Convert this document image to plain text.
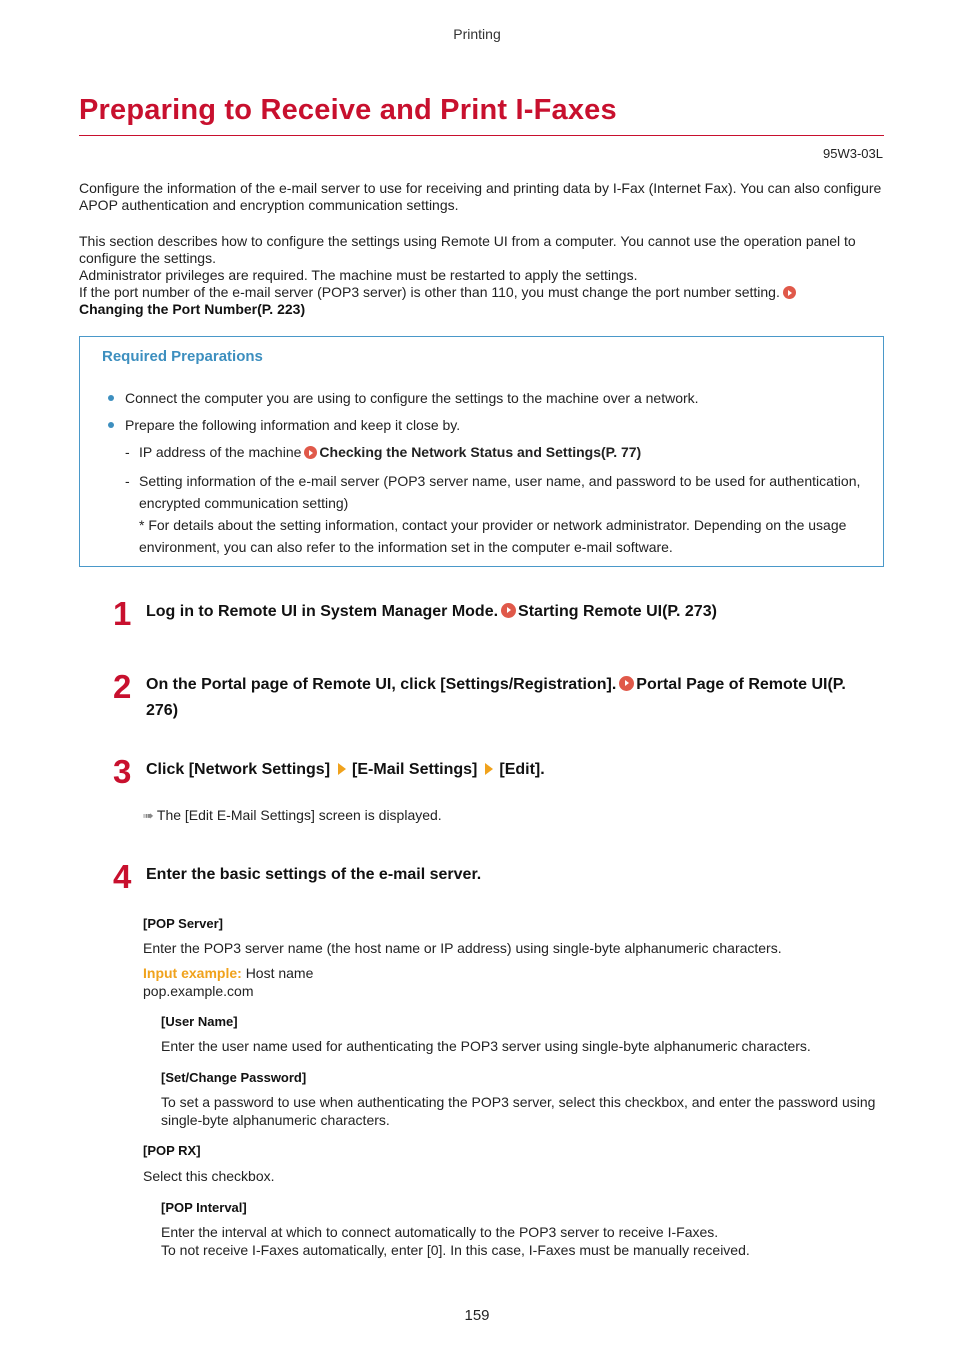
Printing
Preparing to Receive and Print I-Faxes
95W3-03L
Configure the information of the e-mail server to use for receiving and printing data by I-Fax (Internet Fax). You can also configure APOP authentication and encryption communication settings.
This section describes how to configure the settings using Remote UI from a computer. You cannot use the operation panel to configure the settings.
Administrator privileges are required. The machine must be restarted to apply the settings.
If the port number of the e-mail server (POP3 server) is other than 110, you must change the port number setting.
Changing the Port Number(P. 223)
Required Preparations
Connect the computer you are using to configure the settings to the machine over a network.
Prepare the following information and keep it close by.
- IP address of the machine Checking the Network Status and Settings(P. 77)
- Setting information of the e-mail server (POP3 server name, user name, and password to be used for authentication, encrypted communication setting)
* For details about the setting information, contact your provider or network administrator. Depending on the usage environment, you can also refer to the information set in the computer e-mail software.
1 Log in to Remote UI in System Manager Mode. Starting Remote UI(P. 273)
2 On the Portal page of Remote UI, click [Settings/Registration]. Portal Page of Remote UI(P. 276)
3 Click [Network Settings] [E-Mail Settings] [Edit].
➠ The [Edit E-Mail Settings] screen is displayed.
4 Enter the basic settings of the e-mail server.
[POP Server]
Enter the POP3 server name (the host name or IP address) using single-byte alphanumeric characters.
Input example: Host name
pop.example.com
[User Name]
Enter the user name used for authenticating the POP3 server using single-byte alphanumeric characters.
[Set/Change Password]
To set a password to use when authenticating the POP3 server, select this checkbox, and enter the password using single-byte alphanumeric characters.
[POP RX]
Select this checkbox.
[POP Interval]
Enter the interval at which to connect automatically to the POP3 server to receive I-Faxes.
To not receive I-Faxes automatically, enter [0]. In this case, I-Faxes must be manually received.
159
